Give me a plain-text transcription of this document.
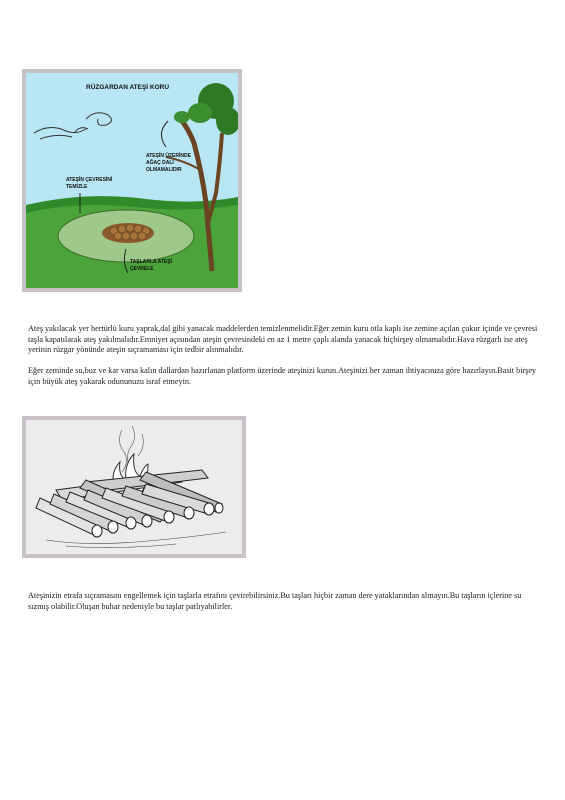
RÜZGARDAN ATEŞİ KORU
ATEŞİN ÜZERİNDE
AĞAÇ DALI
OLMAMALIDIR
ATEŞİN ÇEVRESİNİ
TEMİZLE
TAŞLARLA ATEŞİ
ÇEVRELE

Ateş yakılacak yer hertürlü kuru yaprak,dal gibi yanacak maddelerden temizlenmelidir.Eğer zemin kuru otla kaplı ise zemine açılan çukur içinde ve çevresi taşla kapatılarak ateş yakılmalıdır.Emniyet açısından ateşin çevresindeki en az 1 metre çaplı alanda yanacak hiçbirşey olmamalıdır.Hava rüzgarlı ise ateş yerinin rüzgar yönünde ateşin sıçramaması için tedbir alınmalıdır.

Eğer zeminde su,buz ve kar varsa kalın dallardan hazırlanan platform üzerinde ateşinizi kurun.Ateşinizi her zaman ihtiyacınıza göre hazırlayın.Basit birşey için büyük ateş yakarak odununuzu israf etmeyin.

Ateşinizin etrafa sıçramasını engellemek için taşlarla etrafını çevirebilirsiniz.Bu taşları hiçbir zaman dere yataklarından almayın.Bu taşların içlerine su sızmış olabilir.Oluşan buhar nedeniyle bu taşlar patlıyabilirler.
